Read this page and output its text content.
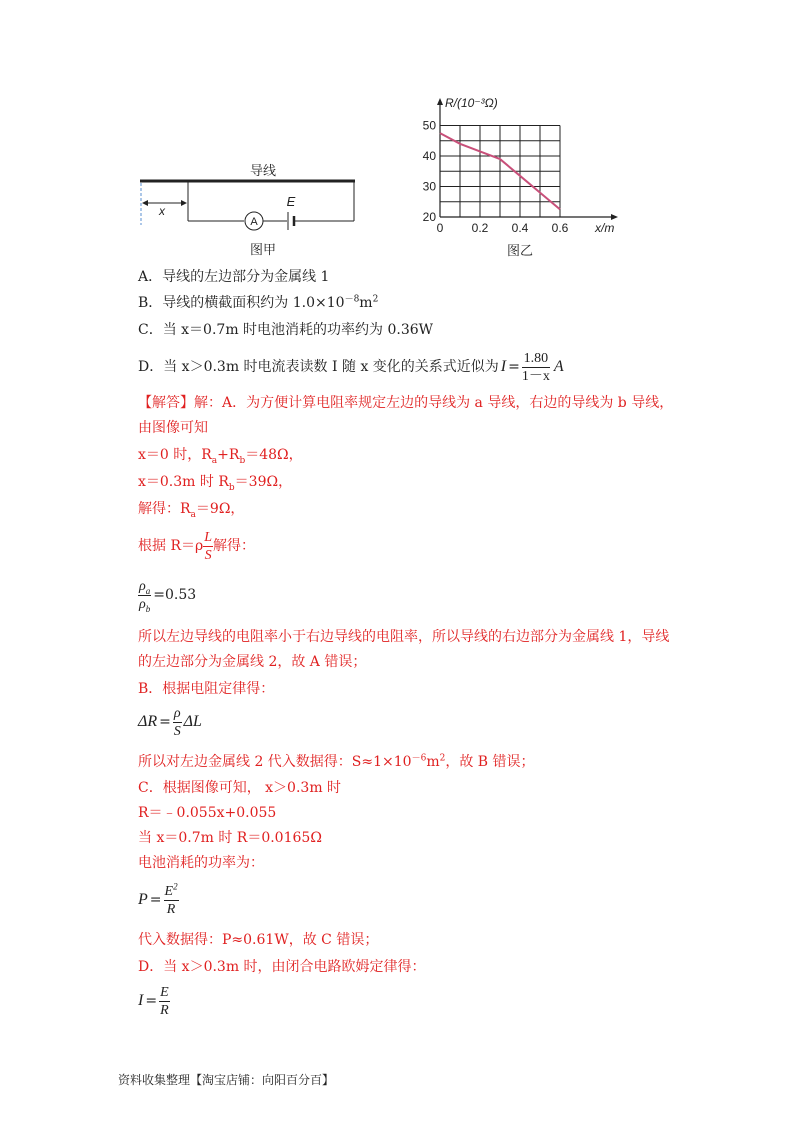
导线
x
A
E
图甲
0 0.2 0.4 0.6
20
30
40
50
R/(10⁻³Ω)
x/m
图乙
A．导线的左边部分为金属线 1
B．导线的横截面积约为 $1.0\times 10^{-8}m^2$
C．当 x＝0.7m 时电池消耗的功率约为 0.36W
D．当 x＞0.3m 时电流表读数 I 随 x 变化的关系式近似为 $I = \frac{1.80}{1-x}$ A
【解答】解：A．为方便计算电阻率规定左边的导线为 a 导线，右边的导线为 b 导线，
由图像可知
x＝0 时，$R_a+R_b=48\Omega$，
x＝0.3m 时 $R_b=39\Omega$，
解得：$R_a=9\Omega$，
根据 $R=\rho \frac{L}{S}$ 解得：
$\frac{\rho_a}{\rho_b} =0.53$
所以左边导线的电阻率小于右边导线的电阻率，所以导线的右边部分为金属线 1，导线
的左边部分为金属线 2，故 A 错误；
B．根据电阻定律得：
$\Delta R = \frac{\rho}{S}$ ΔL
所以对左边金属线 2 代入数据得：$S\approx 1\times 10^{-6}m^2$，故 B 错误；
C．根据图像可知， x＞0.3m 时
R＝﹣0.055x+0.055
当 x＝0.7m 时 R＝0.0165Ω
电池消耗的功率为：
$P = \frac{E^2}{R}$
代入数据得：P≈0.61W，故 C 错误；
D．当 x＞0.3m 时，由闭合电路欧姆定律得：
$I = \frac{E}{R}$
资料收集整理【淘宝店铺：向阳百分百】
